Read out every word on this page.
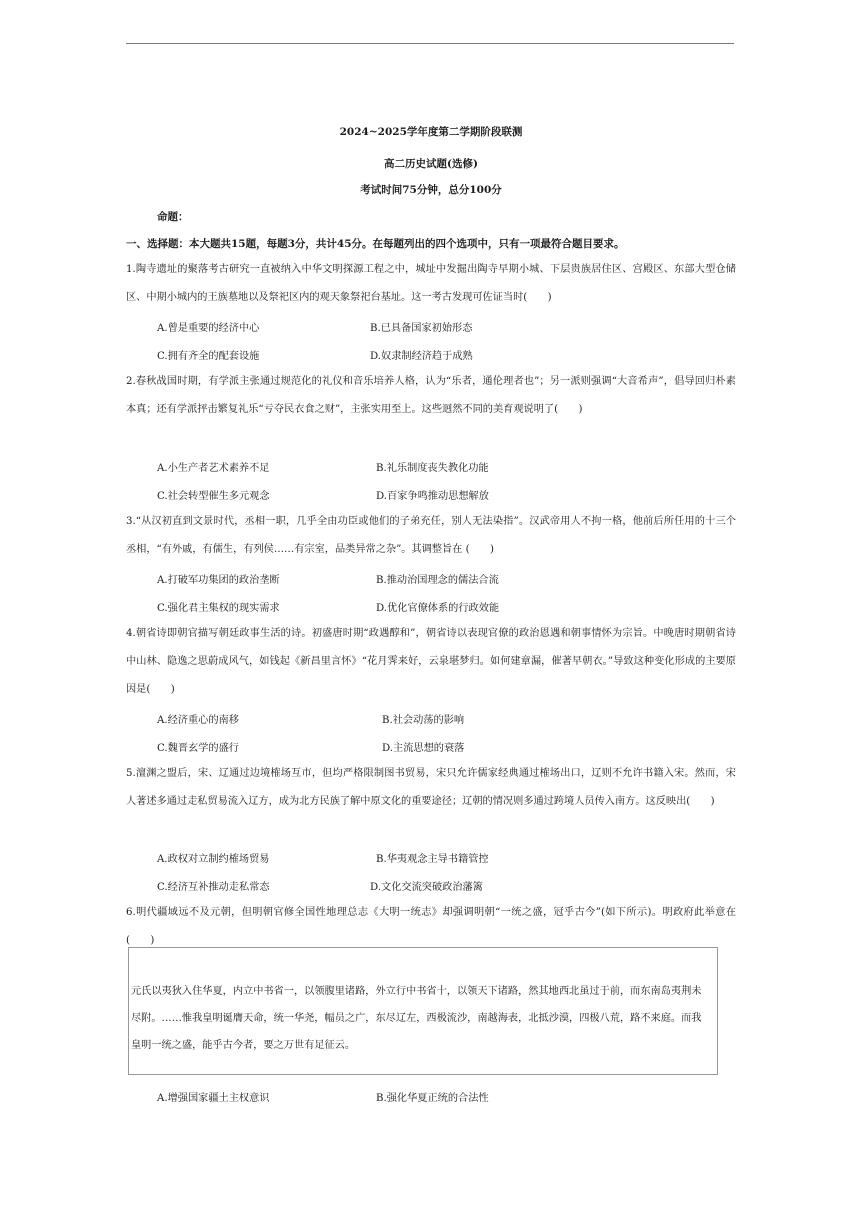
2024~2025学年度第二学期阶段联测
高二历史试题(选修)
考试时间75分钟，总分100分
命题：
一、选择题：本大题共15题，每题3分，共计45分。在每题列出的四个选项中，只有一项最符合题目要求。
1.陶寺遗址的聚落考古研究一直被纳入中华文明探源工程之中，城址中发掘出陶寺早期小城、下层贵族居住区、宫殿区、东部大型仓储区、中期小城内的王族墓地以及祭祀区内的观天象祭祀台基址。这一考古发现可佐证当时(　　)
A.曾是重要的经济中心	B.已具备国家初始形态
C.拥有齐全的配套设施	D.奴隶制经济趋于成熟
2.春秋战国时期，有学派主张通过规范化的礼仪和音乐培养人格，认为“乐者，通伦理者也”；另一派则强调“大音希声”，倡导回归朴素本真；还有学派抨击繁复礼乐“亏夺民衣食之财”，主张实用至上。这些迥然不同的美育观说明了(　　)
A.小生产者艺术素养不足	B.礼乐制度丧失教化功能
C.社会转型催生多元观念	D.百家争鸣推动思想解放
3.“从汉初直到文景时代，丞相一职，几乎全由功臣或他们的子弟充任，别人无法染指”。汉武帝用人不拘一格，他前后所任用的十三个丞相，“有外戚，有儒生，有列侯……有宗室，品类异常之杂”。其调整旨在 (　　)
A.打破军功集团的政治垄断	B.推动治国理念的儒法合流
C.强化君主集权的现实需求	D.优化官僚体系的行政效能
4.朝省诗即朝官描写朝廷政事生活的诗。初盛唐时期“政遇醇和”，朝省诗以表现官僚的政治恩遇和朝事情怀为宗旨。中晚唐时期朝省诗中山林、隐逸之思蔚成风气，如钱起《新昌里言怀》“花月霁来好，云泉堪梦归。如何建章漏，催著早朝衣。”导致这种变化形成的主要原因是(　　)
A.经济重心的南移	B.社会动荡的影响
C.魏晋玄学的盛行	D.主流思想的衰落
5.澶渊之盟后，宋、辽通过边境榷场互市，但均严格限制图书贸易，宋只允许儒家经典通过榷场出口，辽则不允许书籍入宋。然而，宋人著述多通过走私贸易流入辽方，成为北方民族了解中原文化的重要途径；辽朝的情况则多通过跨境人员传入南方。这反映出(　　)
A.政权对立制约榷场贸易	B.华夷观念主导书籍管控
C.经济互补推动走私常态	D.文化交流突破政治藩篱
6.明代疆域远不及元朝，但明朝官修全国性地理总志《大明一统志》却强调明朝“一统之盛，冠乎古今”(如下所示)。明政府此举意在(　　)
元氏以夷狄入住华夏，内立中书省一，以领腹里诸路，外立行中书省十，以领天下诸路，然其地西北虽过于前，而东南岛夷荆未尽附。……惟我皇明诞膺天命，统一华尧，幅员之广，东尽辽左，西极流沙，南越海表，北抵沙漠，四极八荒，路不来庭。而我皇明一统之盛，能乎古今者，要之万世有足征云。
A.增强国家疆土主权意识	B.强化华夏正统的合法性
